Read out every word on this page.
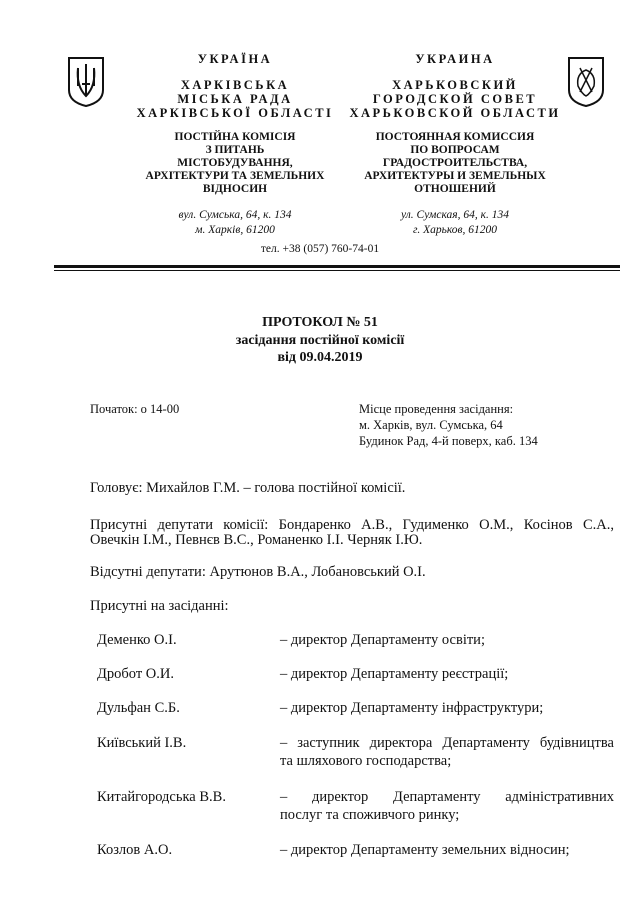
УКРАЇНА
ХАРКІВСЬКА
МІСЬКА РАДА
ХАРКІВСЬКОЇ ОБЛАСТІ
ПОСТІЙНА КОМІСІЯ
З ПИТАНЬ
МІСТОБУДУВАННЯ,
АРХІТЕКТУРИ ТА ЗЕМЕЛЬНИХ
ВІДНОСИН
вул. Сумська, 64, к. 134
м. Харків, 61200
УКРАИНА
ХАРЬКОВСКИЙ
ГОРОДСКОЙ СОВЕТ
ХАРЬКОВСКОЙ ОБЛАСТИ
ПОСТОЯННАЯ КОМИССИЯ
ПО ВОПРОСАМ
ГРАДОСТРОИТЕЛЬСТВА,
АРХИТЕКТУРЫ И ЗЕМЕЛЬНЫХ
ОТНОШЕНИЙ
ул. Сумская, 64, к. 134
г. Харьков, 61200
тел. +38 (057) 760-74-01
ПРОТОКОЛ № 51
засідання постійної комісії
від 09.04.2019
Початок: о 14-00	Місце проведення засідання:
м. Харків, вул. Сумська, 64
Будинок Рад, 4-й поверх, каб. 134
Головує: Михайлов Г.М. – голова постійної комісії.
Присутні депутати комісії: Бондаренко А.В., Гудименко О.М., Косінов С.А.,
Овечкін І.М., Певнєв В.С., Романенко І.І. Черняк І.Ю.
Відсутні депутати: Арутюнов В.А., Лобановський О.І.
Присутні на засіданні:
Деменко О.І.	– директор Департаменту освіти;
Дробот О.И.	– директор Департаменту реєстрації;
Дульфан С.Б.	– директор Департаменту інфраструктури;
Київський І.В.	– заступник директора Департаменту будівництва
та шляхового господарства;
Китайгородська В.В.	– директор Департаменту адміністративних
послуг та споживчого ринку;
Козлов А.О.	– директор Департаменту земельних відносин;
